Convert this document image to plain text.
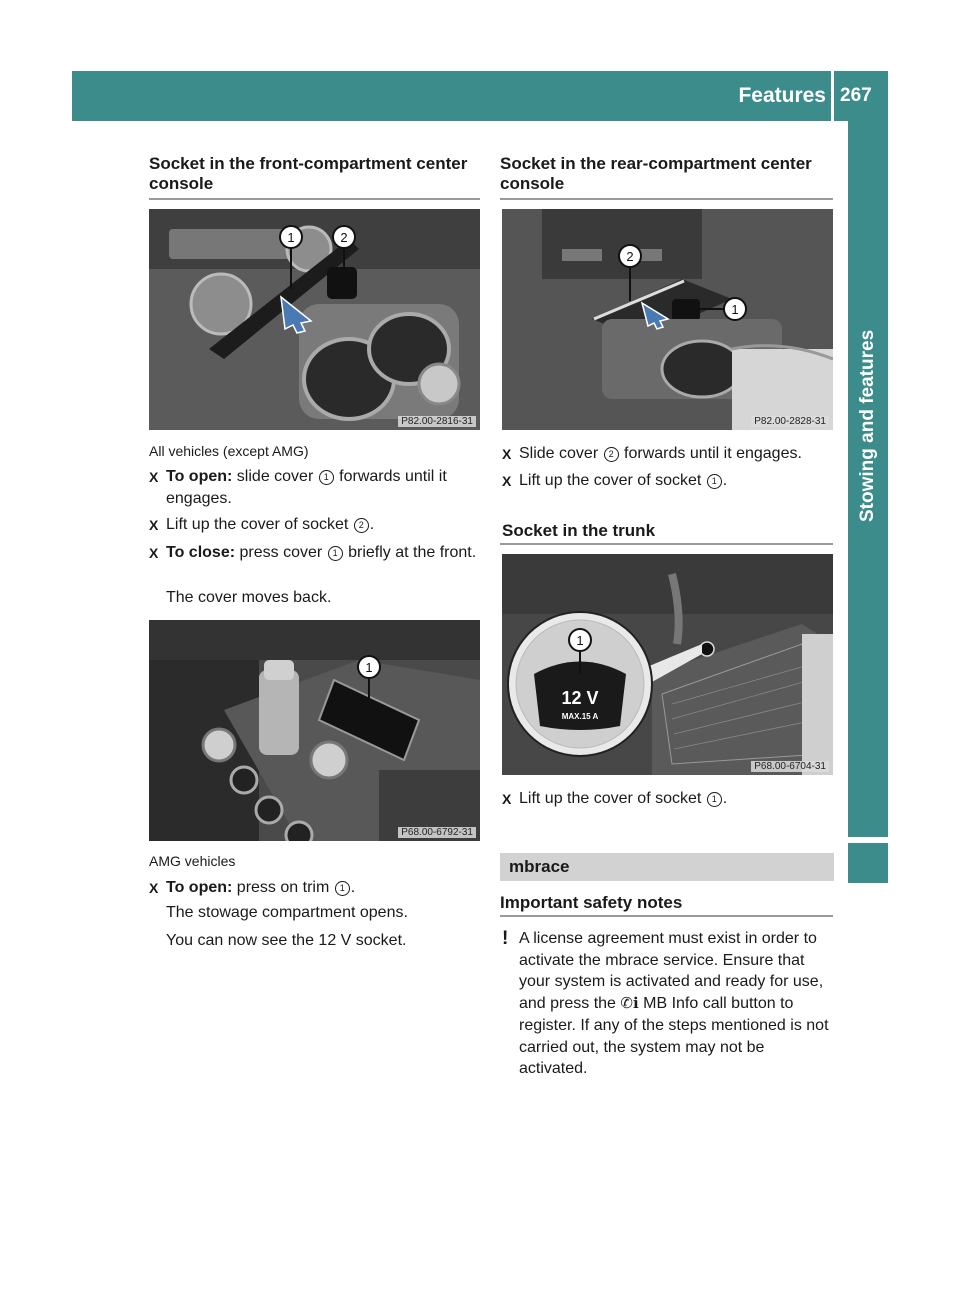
Features 267
Stowing and features
Socket in the front-compartment center console
1	2
P82.00-2816-31
All vehicles (except AMG)
X To open: slide cover 1 forwards until it engages.
X Lift up the cover of socket 2 .
X To close: press cover 1 briefly at the front.
The cover moves back.
1
P68.00-6792-31
AMG vehicles
X To open: press on trim 1 .
The stowage compartment opens.
You can now see the 12 V socket.
Socket in the rear-compartment center console
2
1
P82.00-2828-31
X Slide cover 2 forwards until it engages.
X Lift up the cover of socket 1 .
Socket in the trunk
1
12 V
MAX.15 A
P68.00-6704-31
X Lift up the cover of socket 1 .
mbrace
Important safety notes
! A license agreement must exist in order to activate the mbrace service. Ensure that your system is activated and ready for use, and press the ✆ℹ MB Info call button to register. If any of the steps mentioned is not carried out, the system may not be activated.
